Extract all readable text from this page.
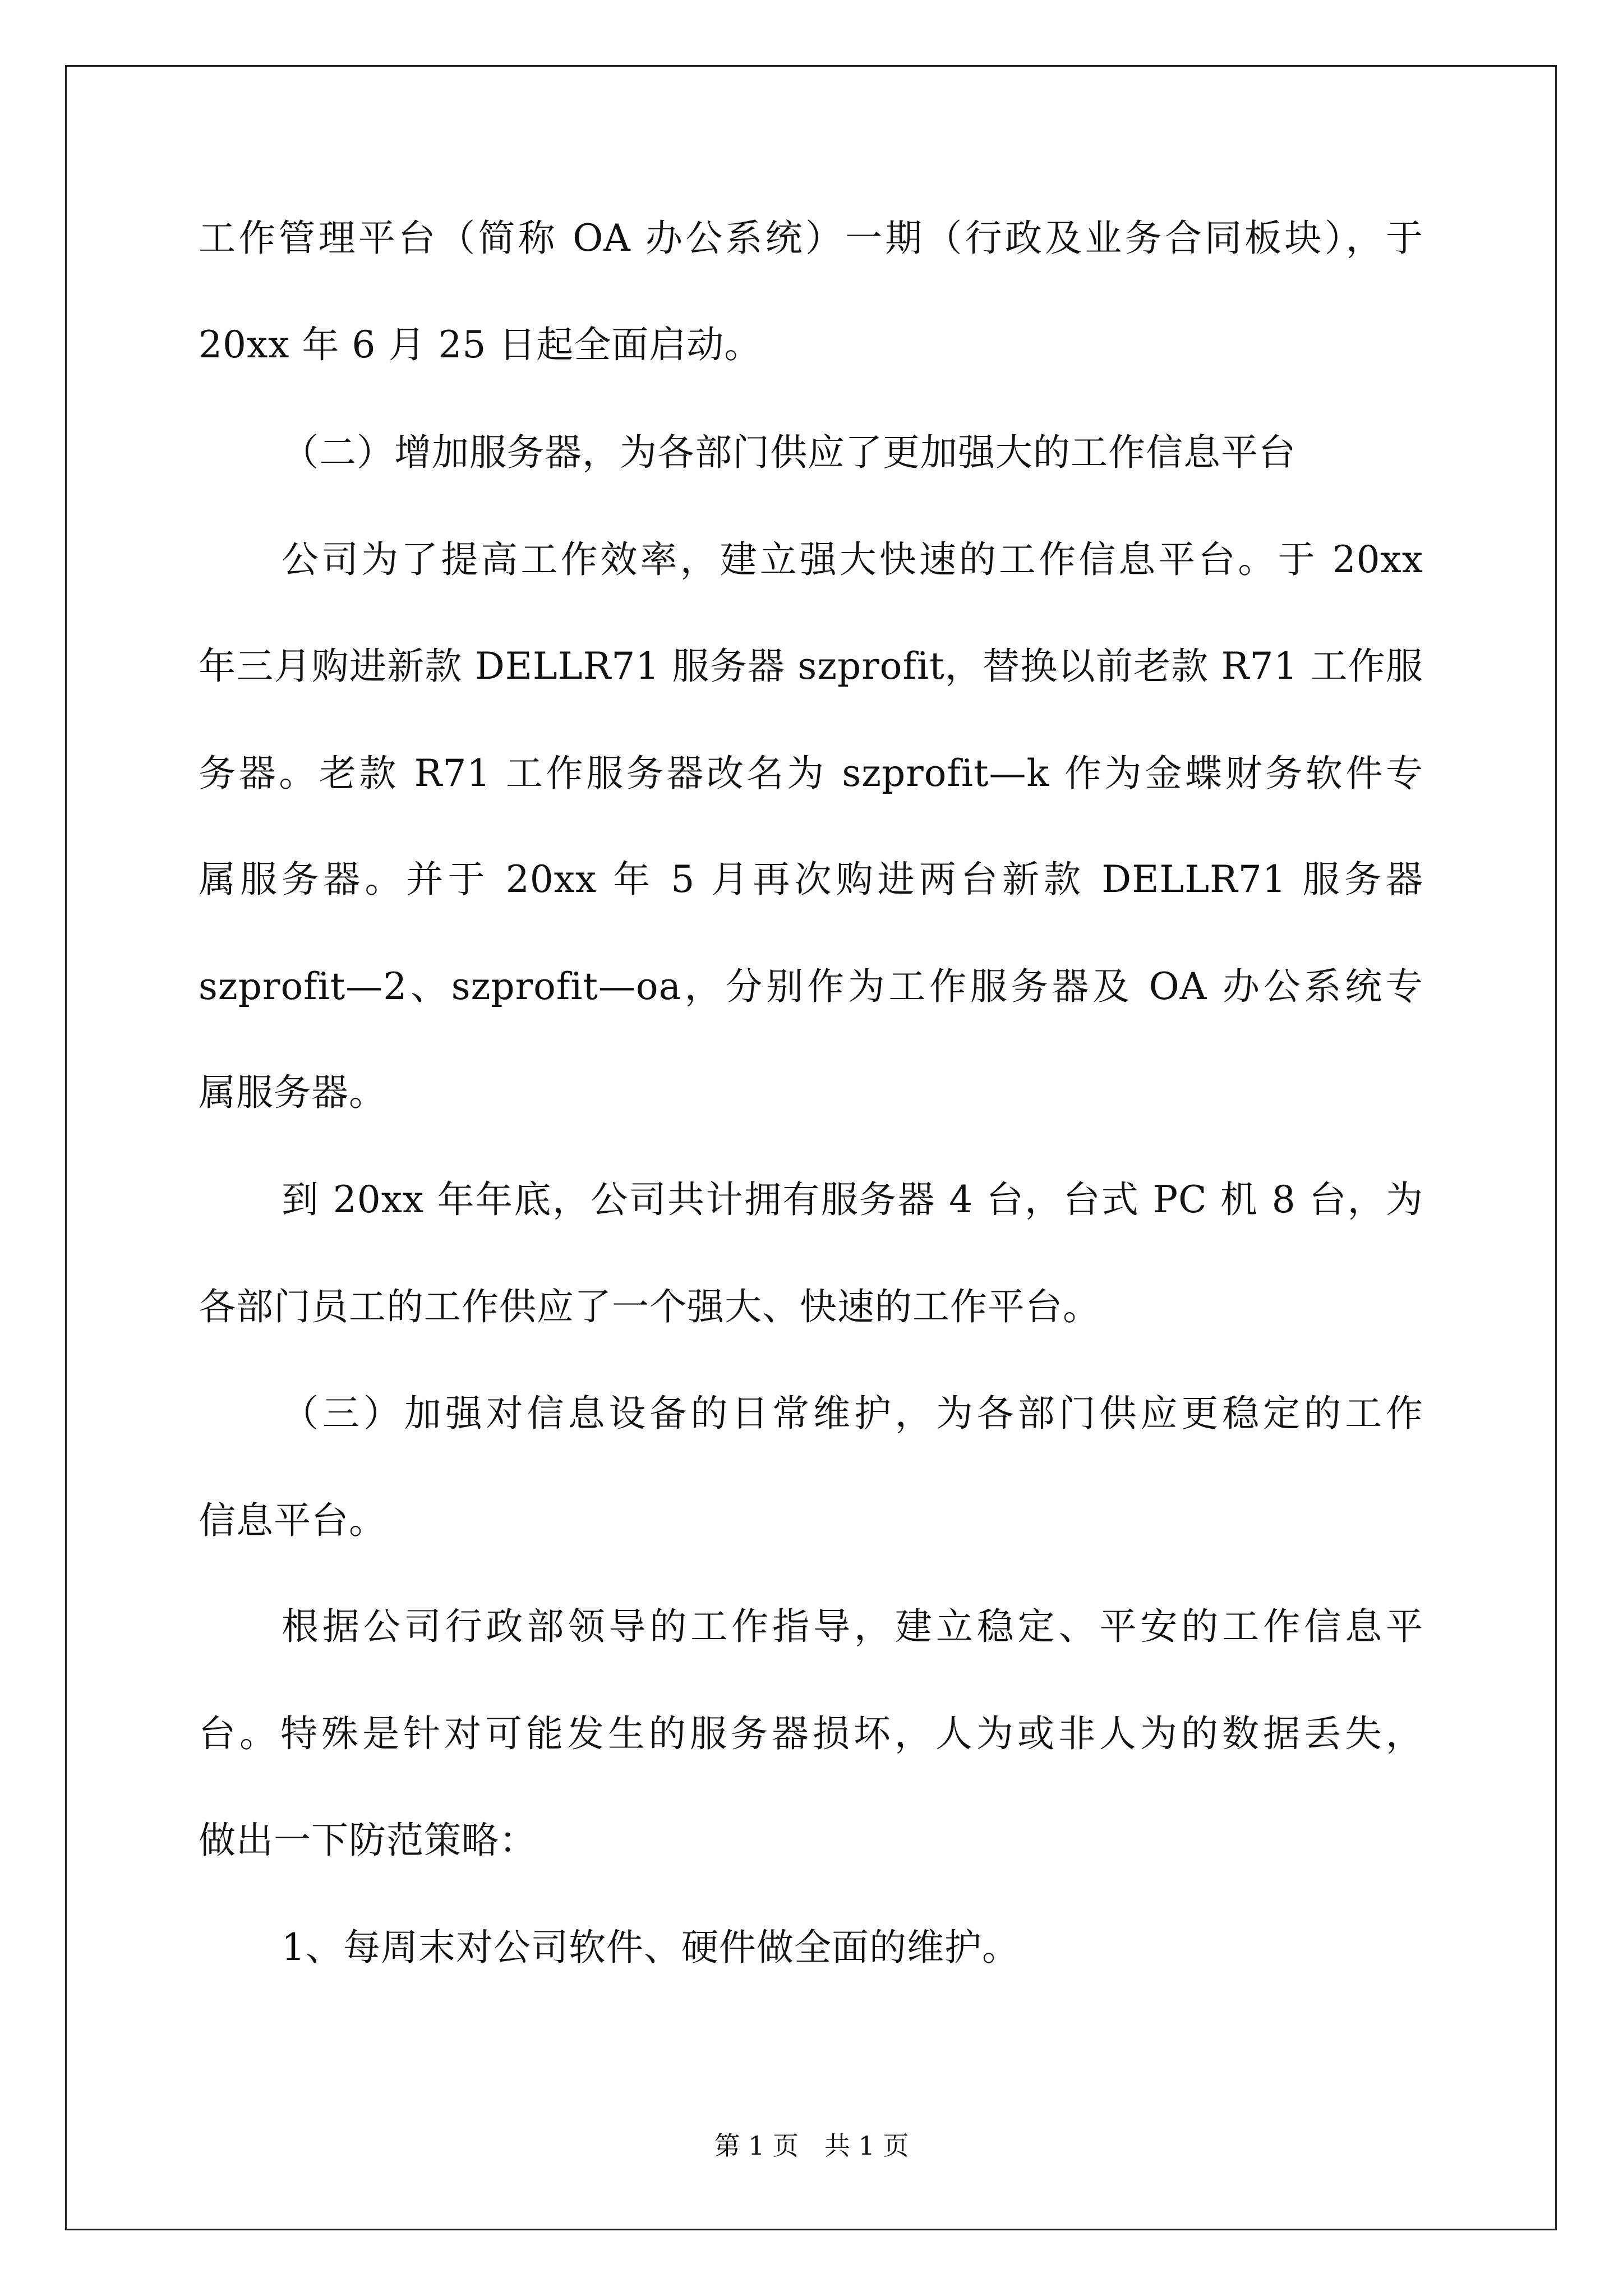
工作管理平台（简称 OA 办公系统）一期（行政及业务合同板块），于
20xx 年 6 月 25 日起全面启动。
（二）增加服务器，为各部门供应了更加强大的工作信息平台
公司为了提高工作效率，建立强大快速的工作信息平台。于 20xx
年三月购进新款 DELLR71 服务器 szprofit，替换以前老款 R71 工作服
务器。老款 R71 工作服务器改名为 szprofit—k 作为金蝶财务软件专
属服务器。并于 20xx 年 5 月再次购进两台新款 DELLR71 服务器
szprofit—2、szprofit—oa，分别作为工作服务器及 OA 办公系统专
属服务器。
到 20xx 年年底，公司共计拥有服务器 4 台，台式 PC 机 8 台，为
各部门员工的工作供应了一个强大、快速的工作平台。
（三）加强对信息设备的日常维护，为各部门供应更稳定的工作
信息平台。
根据公司行政部领导的工作指导，建立稳定、平安的工作信息平
台。特殊是针对可能发生的服务器损坏，人为或非人为的数据丢失，
做出一下防范策略：
1、每周末对公司软件、硬件做全面的维护。
第 1 页　共 1 页
